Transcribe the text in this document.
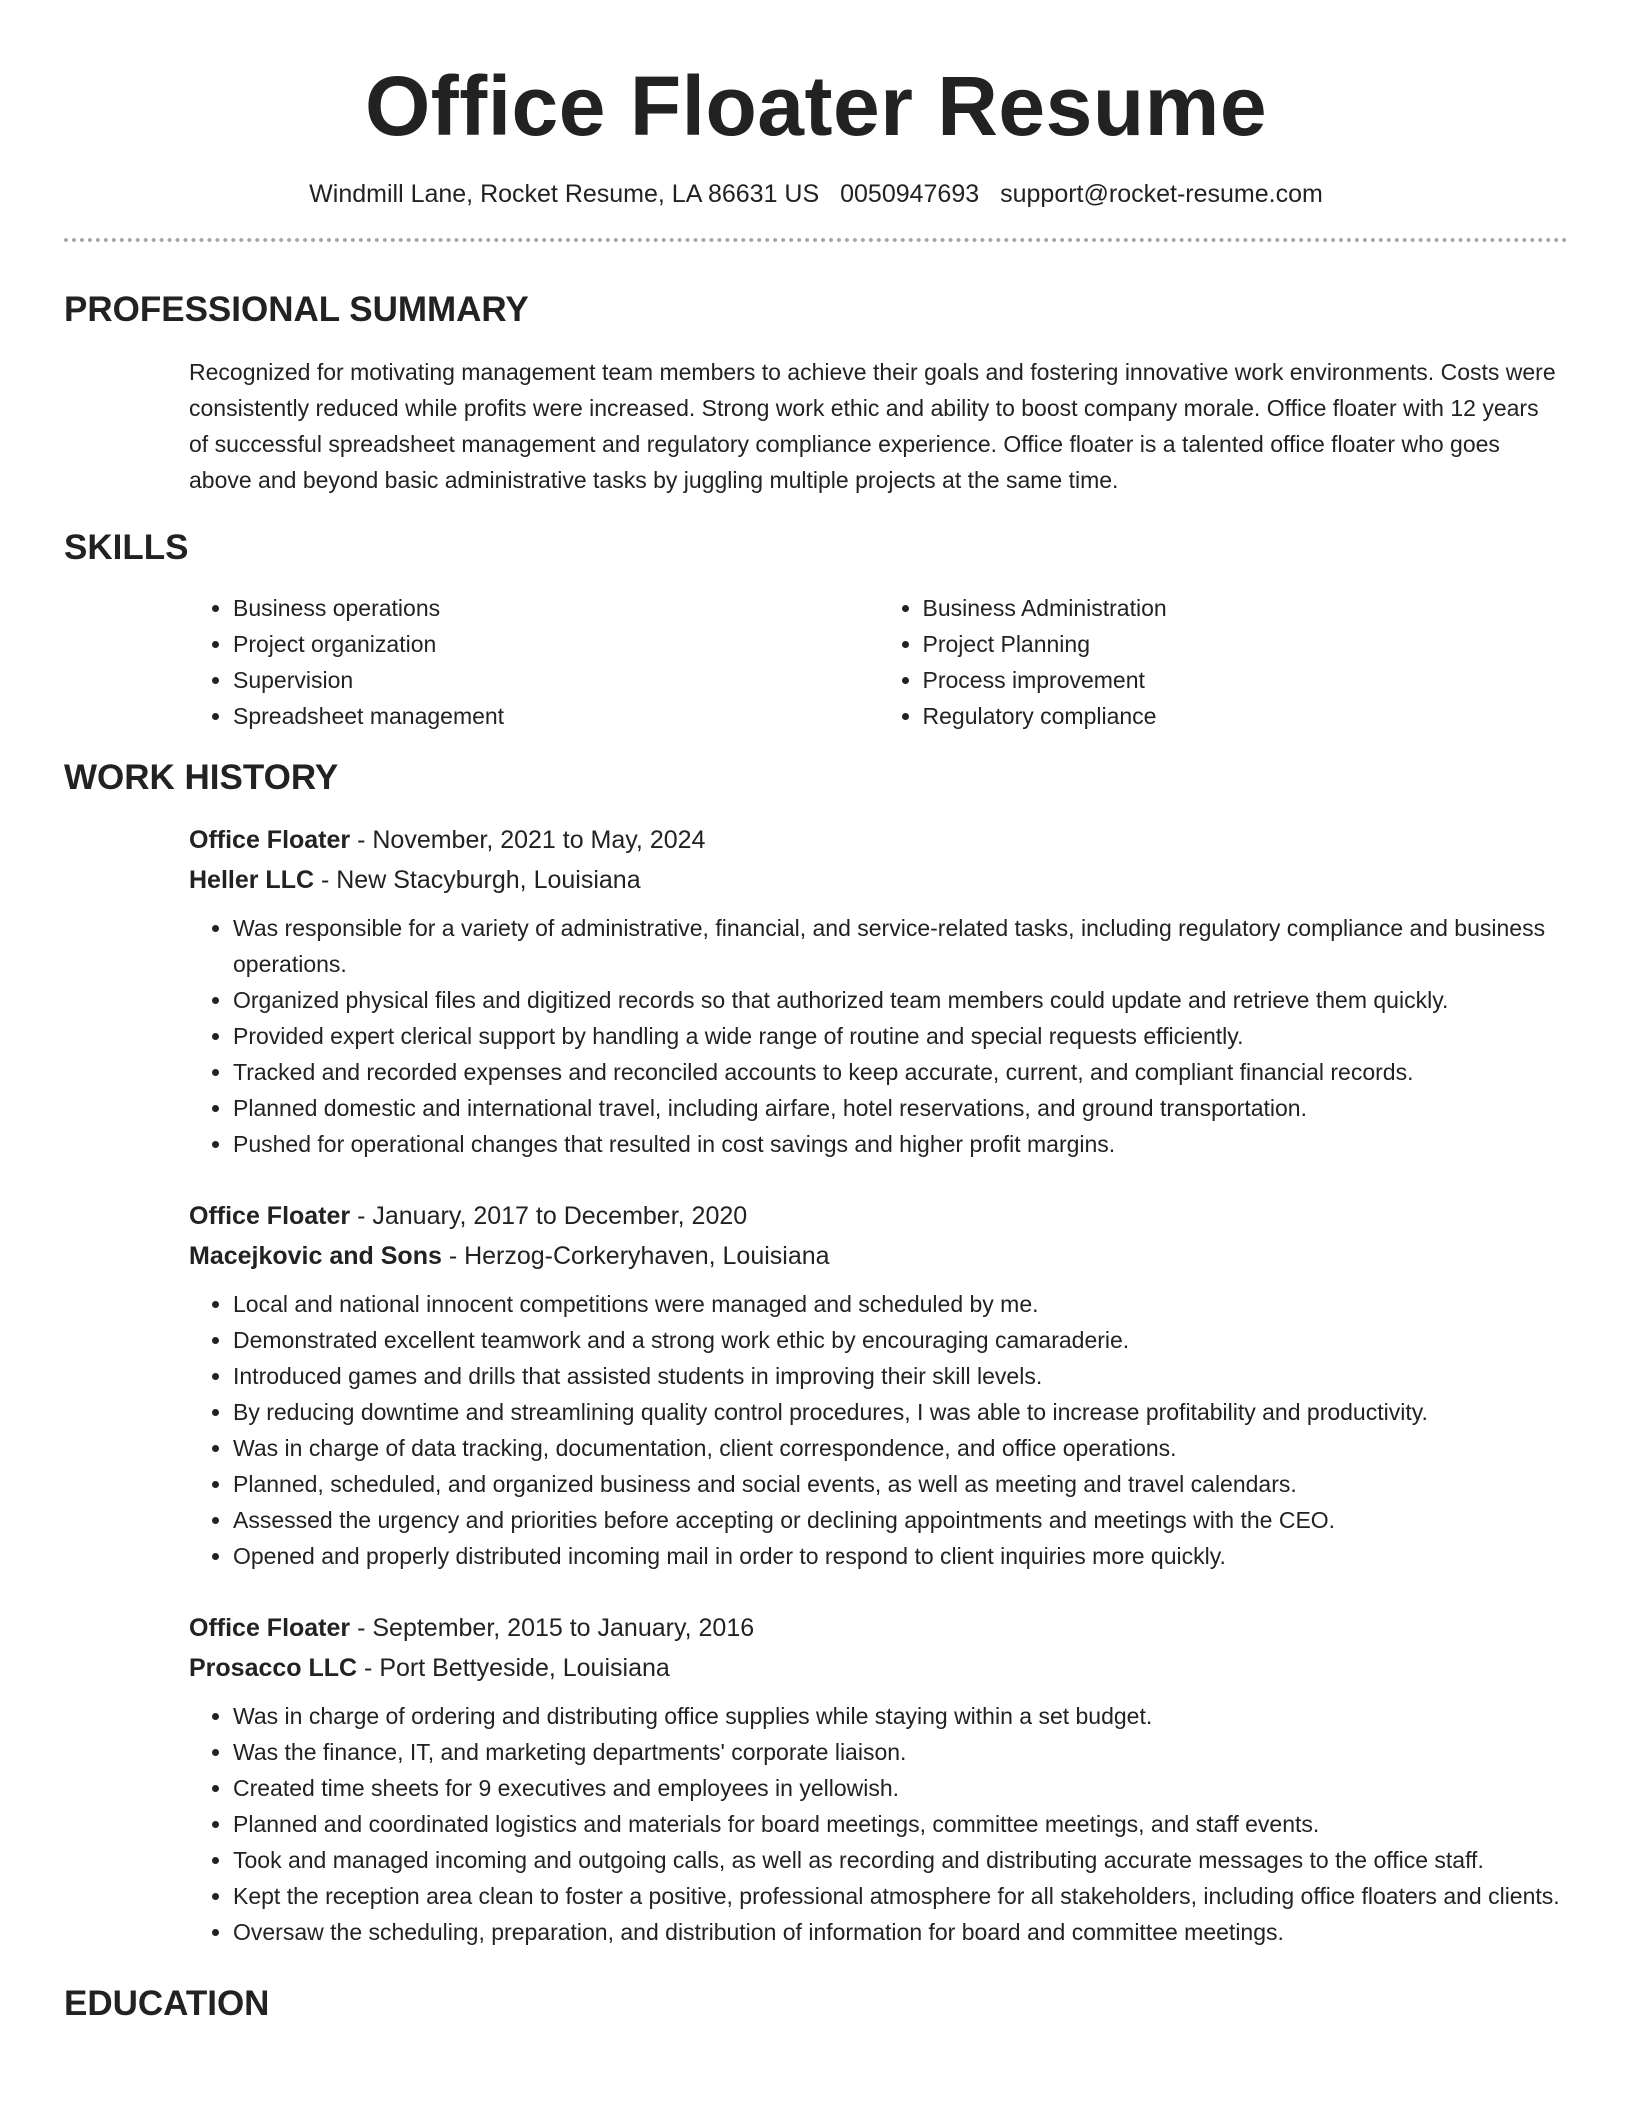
Office Floater Resume
Windmill Lane, Rocket Resume, LA 86631 US 0050947693 support@rocket-resume.com
PROFESSIONAL SUMMARY
Recognized for motivating management team members to achieve their goals and fostering innovative work environments. Costs were consistently reduced while profits were increased. Strong work ethic and ability to boost company morale. Office floater with 12 years of successful spreadsheet management and regulatory compliance experience. Office floater is a talented office floater who goes above and beyond basic administrative tasks by juggling multiple projects at the same time.
SKILLS
• Business operations
• Project organization
• Supervision
• Spreadsheet management
• Business Administration
• Project Planning
• Process improvement
• Regulatory compliance
WORK HISTORY
Office Floater - November, 2021 to May, 2024
Heller LLC - New Stacyburgh, Louisiana
• Was responsible for a variety of administrative, financial, and service-related tasks, including regulatory compliance and business operations.
• Organized physical files and digitized records so that authorized team members could update and retrieve them quickly.
• Provided expert clerical support by handling a wide range of routine and special requests efficiently.
• Tracked and recorded expenses and reconciled accounts to keep accurate, current, and compliant financial records.
• Planned domestic and international travel, including airfare, hotel reservations, and ground transportation.
• Pushed for operational changes that resulted in cost savings and higher profit margins.
Office Floater - January, 2017 to December, 2020
Macejkovic and Sons - Herzog-Corkeryhaven, Louisiana
• Local and national innocent competitions were managed and scheduled by me.
• Demonstrated excellent teamwork and a strong work ethic by encouraging camaraderie.
• Introduced games and drills that assisted students in improving their skill levels.
• By reducing downtime and streamlining quality control procedures, I was able to increase profitability and productivity.
• Was in charge of data tracking, documentation, client correspondence, and office operations.
• Planned, scheduled, and organized business and social events, as well as meeting and travel calendars.
• Assessed the urgency and priorities before accepting or declining appointments and meetings with the CEO.
• Opened and properly distributed incoming mail in order to respond to client inquiries more quickly.
Office Floater - September, 2015 to January, 2016
Prosacco LLC - Port Bettyeside, Louisiana
• Was in charge of ordering and distributing office supplies while staying within a set budget.
• Was the finance, IT, and marketing departments' corporate liaison.
• Created time sheets for 9 executives and employees in yellowish.
• Planned and coordinated logistics and materials for board meetings, committee meetings, and staff events.
• Took and managed incoming and outgoing calls, as well as recording and distributing accurate messages to the office staff.
• Kept the reception area clean to foster a positive, professional atmosphere for all stakeholders, including office floaters and clients.
• Oversaw the scheduling, preparation, and distribution of information for board and committee meetings.
EDUCATION
